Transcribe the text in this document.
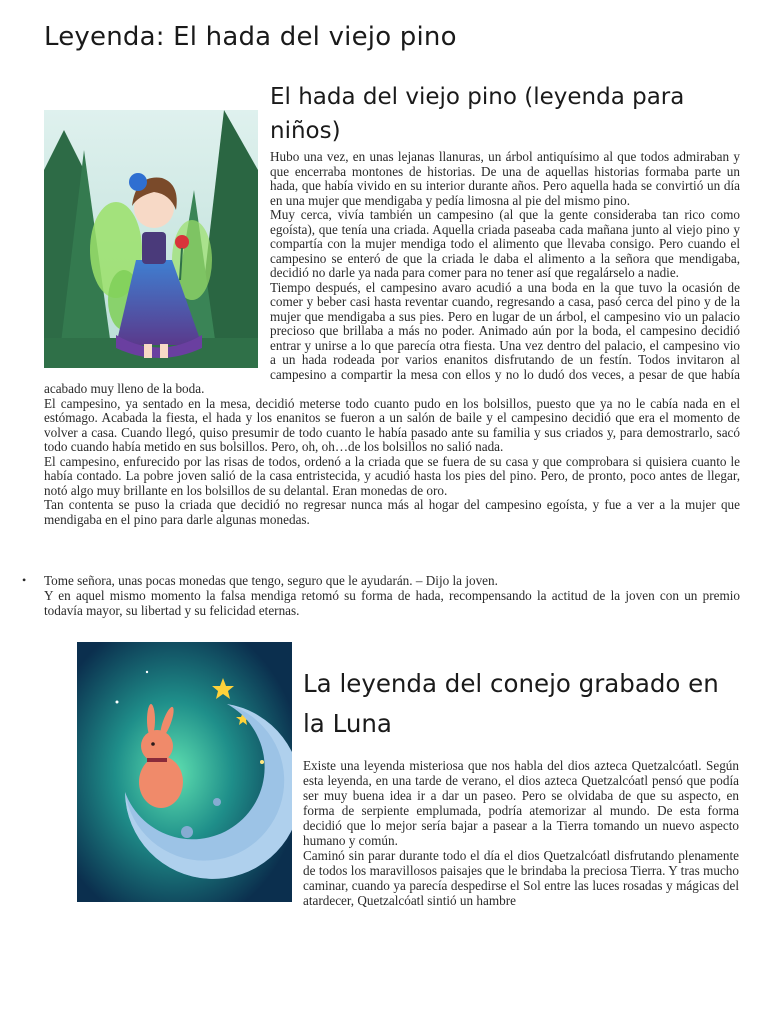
Leyenda: El hada del viejo pino
El hada del viejo pino (leyenda para niños)

Hubo una vez, en unas lejanas llanuras, un árbol antiquísimo al que todos admiraban y que encerraba montones de historias. De una de aquellas historias formaba parte un hada, que había vivido en su interior durante años. Pero aquella hada se convirtió un día en una mujer que mendigaba y pedía limosna al pie del mismo pino.

Muy cerca, vivía también un campesino (al que la gente consideraba tan rico como egoísta), que tenía una criada. Aquella criada paseaba cada mañana junto al viejo pino y compartía con la mujer mendiga todo el alimento que llevaba consigo. Pero cuando el campesino se enteró de que la criada le daba el alimento a la señora que mendigaba, decidió no darle ya nada para comer para no tener así que regalárselo a nadie.

Tiempo después, el campesino avaro acudió a una boda en la que tuvo la ocasión de comer y beber casi hasta reventar cuando, regresando a casa, pasó cerca del pino y de la mujer que mendigaba a sus pies. Pero en lugar de un árbol, el campesino vio un palacio precioso que brillaba a más no poder. Animado aún por la boda, el campesino decidió entrar y unirse a lo que parecía otra fiesta. Una vez dentro del palacio, el campesino vio a un hada rodeada por varios enanitos disfrutando de un festín. Todos invitaron al campesino a compartir la mesa con ellos y no lo dudó dos veces, a pesar de que había acabado muy lleno de la boda.

El campesino, ya sentado en la mesa, decidió meterse todo cuanto pudo en los bolsillos, puesto que ya no le cabía nada en el estómago. Acabada la fiesta, el hada y los enanitos se fueron a un salón de baile y el campesino decidió que era el momento de volver a casa. Cuando llegó, quiso presumir de todo cuanto le había pasado ante su familia y sus criados y, para demostrarlo, sacó todo cuando había metido en sus bolsillos. Pero, oh, oh…de los bolsillos no salió nada.

El campesino, enfurecido por las risas de todos, ordenó a la criada que se fuera de su casa y que comprobara si quisiera cuanto le había contado. La pobre joven salió de la casa entristecida, y acudió hasta los pies del pino. Pero, de pronto, poco antes de llegar, notó algo muy brillante en los bolsillos de su delantal. Eran monedas de oro.

Tan contenta se puso la criada que decidió no regresar nunca más al hogar del campesino egoísta, y fue a ver a la mujer que mendigaba en el pino para darle algunas monedas.

• Tome señora, unas pocas monedas que tengo, seguro que le ayudarán. – Dijo la joven.

Y en aquel mismo momento la falsa mendiga retomó su forma de hada, recompensando la actitud de la joven con un premio todavía mayor, su libertad y su felicidad eternas.

La leyenda del conejo grabado en la Luna

Existe una leyenda misteriosa que nos habla del dios azteca Quetzalcóatl. Según esta leyenda, en una tarde de verano, el dios azteca Quetzalcóatl pensó que podía ser muy buena idea ir a dar un paseo. Pero se olvidaba de que su aspecto, en forma de serpiente emplumada, podría atemorizar al mundo. De esta forma decidió que lo mejor sería bajar a pasear a la Tierra tomando un nuevo aspecto humano y común.

Caminó sin parar durante todo el día el dios Quetzalcóatl disfrutando plenamente de todos los maravillosos paisajes que le brindaba la preciosa Tierra. Y tras mucho caminar, cuando ya parecía despedirse el Sol entre las luces rosadas y mágicas del atardecer, Quetzalcóatl sintió un hambre
